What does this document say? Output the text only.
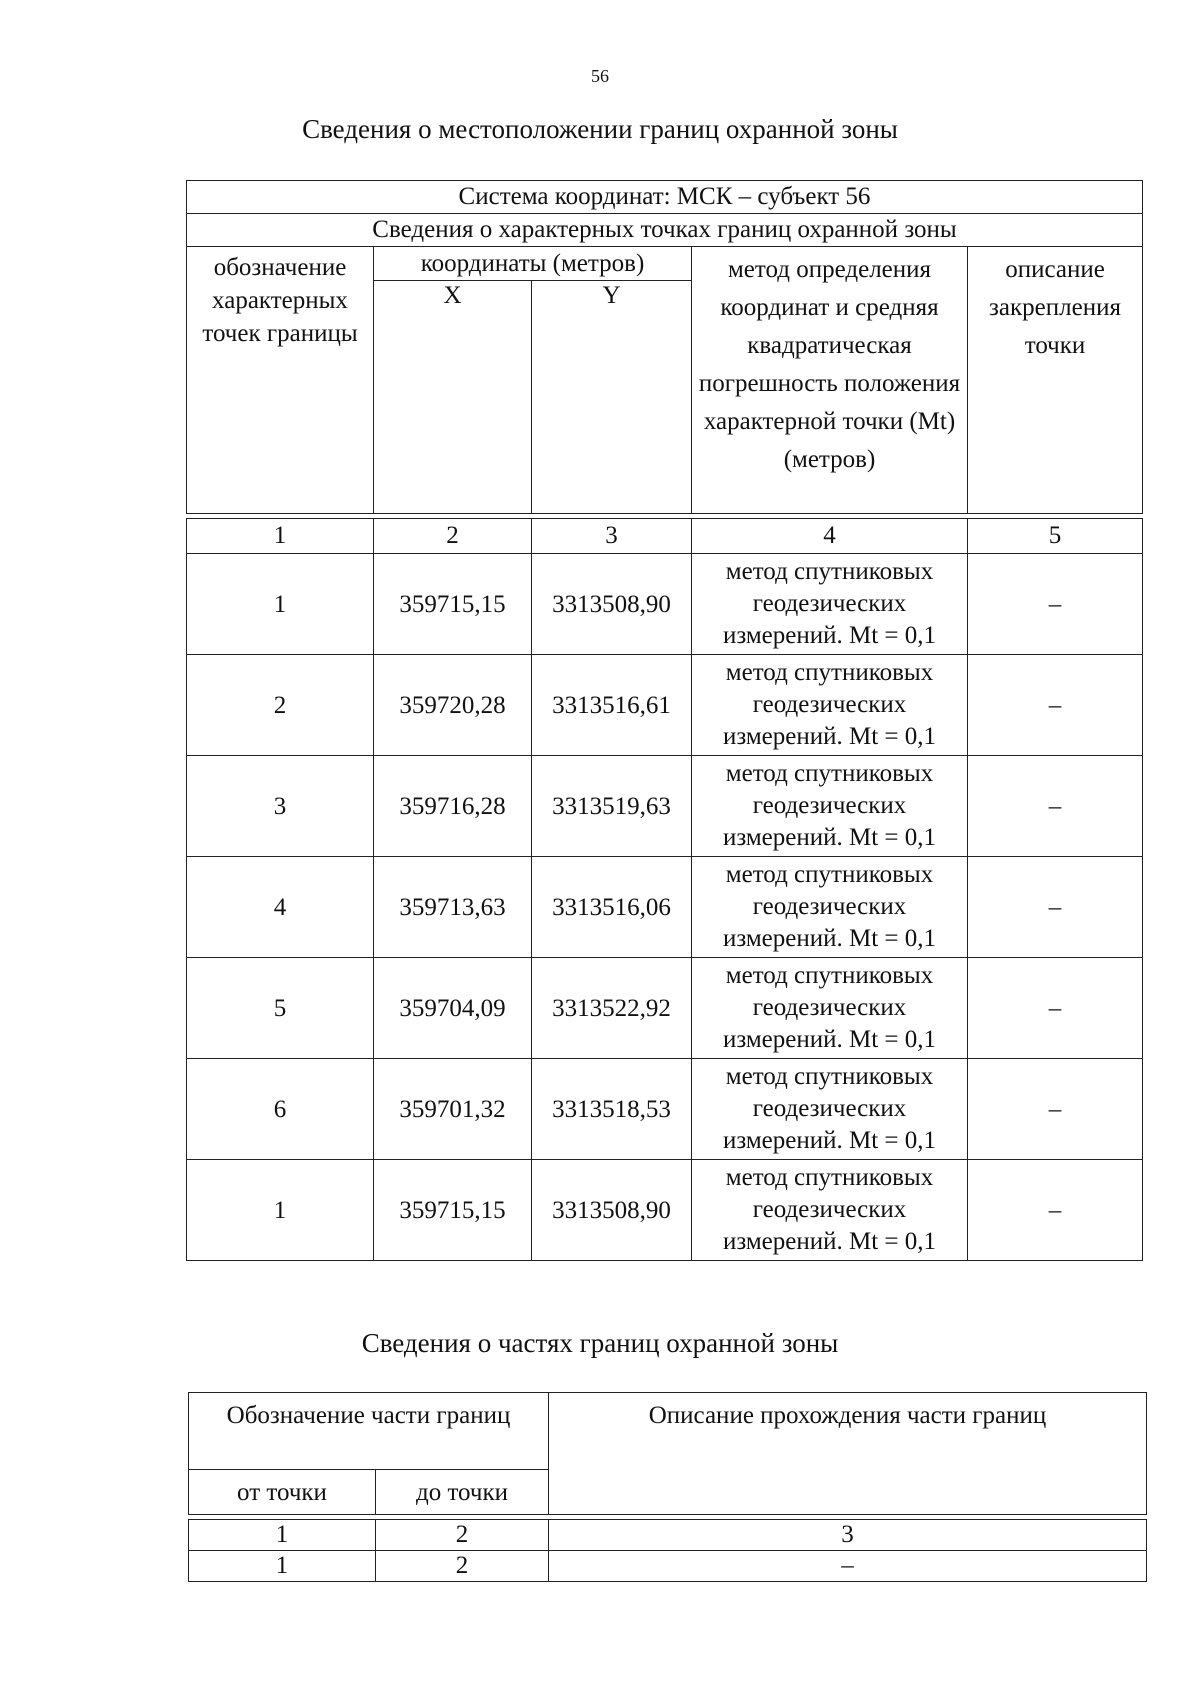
56
Сведения о местоположении границ охранной зоны
Система координат: МСК – субъект 56				
Сведения о характерных точках границ охранной зоны				
обозначение характерных точек границы	координаты (метров)		метод определения координат и средняя квадратическая погрешность положения характерной точки (Mt) (метров)	описание закрепления точки
	X	Y		

1	2	3	4	5
1	359715,15	3313508,90	метод спутниковых геодезических измерений. Mt = 0,1	–
2	359720,28	3313516,61	метод спутниковых геодезических измерений. Mt = 0,1	–
3	359716,28	3313519,63	метод спутниковых геодезических измерений. Mt = 0,1	–
4	359713,63	3313516,06	метод спутниковых геодезических измерений. Mt = 0,1	–
5	359704,09	3313522,92	метод спутниковых геодезических измерений. Mt = 0,1	–
6	359701,32	3313518,53	метод спутниковых геодезических измерений. Mt = 0,1	–
1	359715,15	3313508,90	метод спутниковых геодезических измерений. Mt = 0,1	–
Сведения о частях границ охранной зоны
Обозначение части границ		Описание прохождения части границ
от точки	до точки	

1	2	3
1	2	–
